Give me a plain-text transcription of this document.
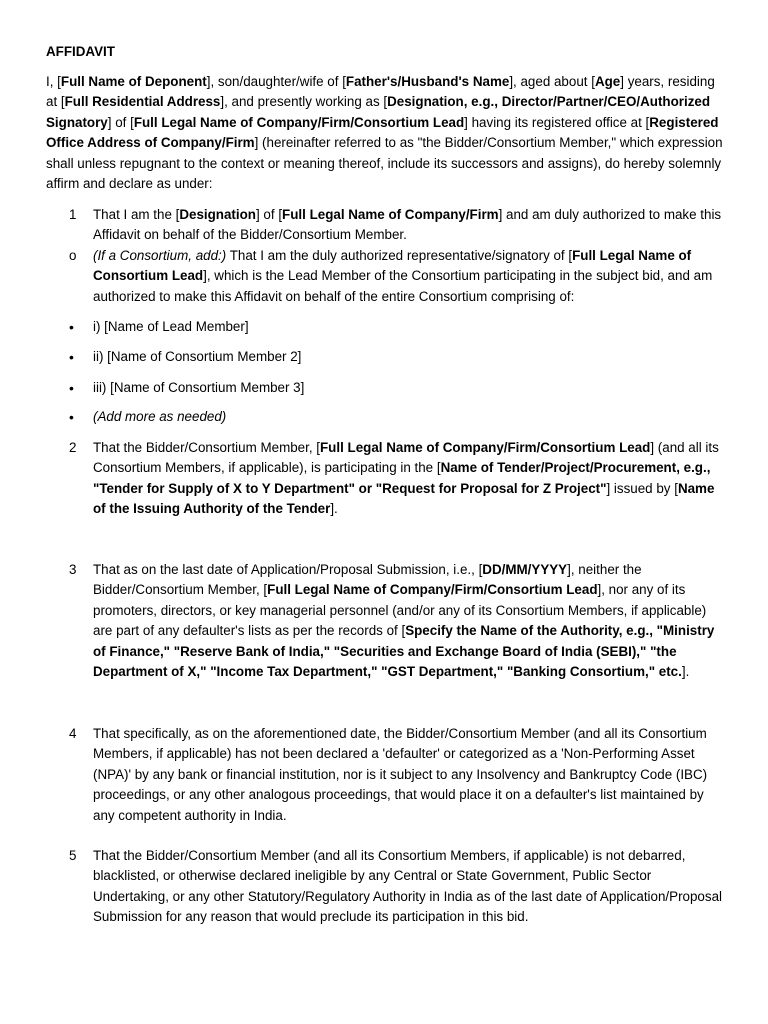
AFFIDAVIT
I, [Full Name of Deponent], son/daughter/wife of [Father's/Husband's Name], aged about [Age] years, residing at [Full Residential Address], and presently working as [Designation, e.g., Director/Partner/CEO/Authorized Signatory] of [Full Legal Name of Company/Firm/Consortium Lead] having its registered office at [Registered Office Address of Company/Firm] (hereinafter referred to as "the Bidder/Consortium Member," which expression shall unless repugnant to the context or meaning thereof, include its successors and assigns), do hereby solemnly affirm and declare as under:
1	That I am the [Designation] of [Full Legal Name of Company/Firm] and am duly authorized to make this Affidavit on behalf of the Bidder/Consortium Member.
o	(If a Consortium, add:) That I am the duly authorized representative/signatory of [Full Legal Name of Consortium Lead], which is the Lead Member of the Consortium participating in the subject bid, and am authorized to make this Affidavit on behalf of the entire Consortium comprising of:
•	i) [Name of Lead Member]
•	ii) [Name of Consortium Member 2]
•	iii) [Name of Consortium Member 3]
•	(Add more as needed)
2	That the Bidder/Consortium Member, [Full Legal Name of Company/Firm/Consortium Lead] (and all its Consortium Members, if applicable), is participating in the [Name of Tender/Project/Procurement, e.g., "Tender for Supply of X to Y Department" or "Request for Proposal for Z Project"] issued by [Name of the Issuing Authority of the Tender].
3	That as on the last date of Application/Proposal Submission, i.e., [DD/MM/YYYY], neither the Bidder/Consortium Member, [Full Legal Name of Company/Firm/Consortium Lead], nor any of its promoters, directors, or key managerial personnel (and/or any of its Consortium Members, if applicable) are part of any defaulter's lists as per the records of [Specify the Name of the Authority, e.g., "Ministry of Finance," "Reserve Bank of India," "Securities and Exchange Board of India (SEBI)," "the Department of X," "Income Tax Department," "GST Department," "Banking Consortium," etc.].
4	That specifically, as on the aforementioned date, the Bidder/Consortium Member (and all its Consortium Members, if applicable) has not been declared a 'defaulter' or categorized as a 'Non-Performing Asset (NPA)' by any bank or financial institution, nor is it subject to any Insolvency and Bankruptcy Code (IBC) proceedings, or any other analogous proceedings, that would place it on a defaulter's list maintained by any competent authority in India.
5	That the Bidder/Consortium Member (and all its Consortium Members, if applicable) is not debarred, blacklisted, or otherwise declared ineligible by any Central or State Government, Public Sector Undertaking, or any other Statutory/Regulatory Authority in India as of the last date of Application/Proposal Submission for any reason that would preclude its participation in this bid.
